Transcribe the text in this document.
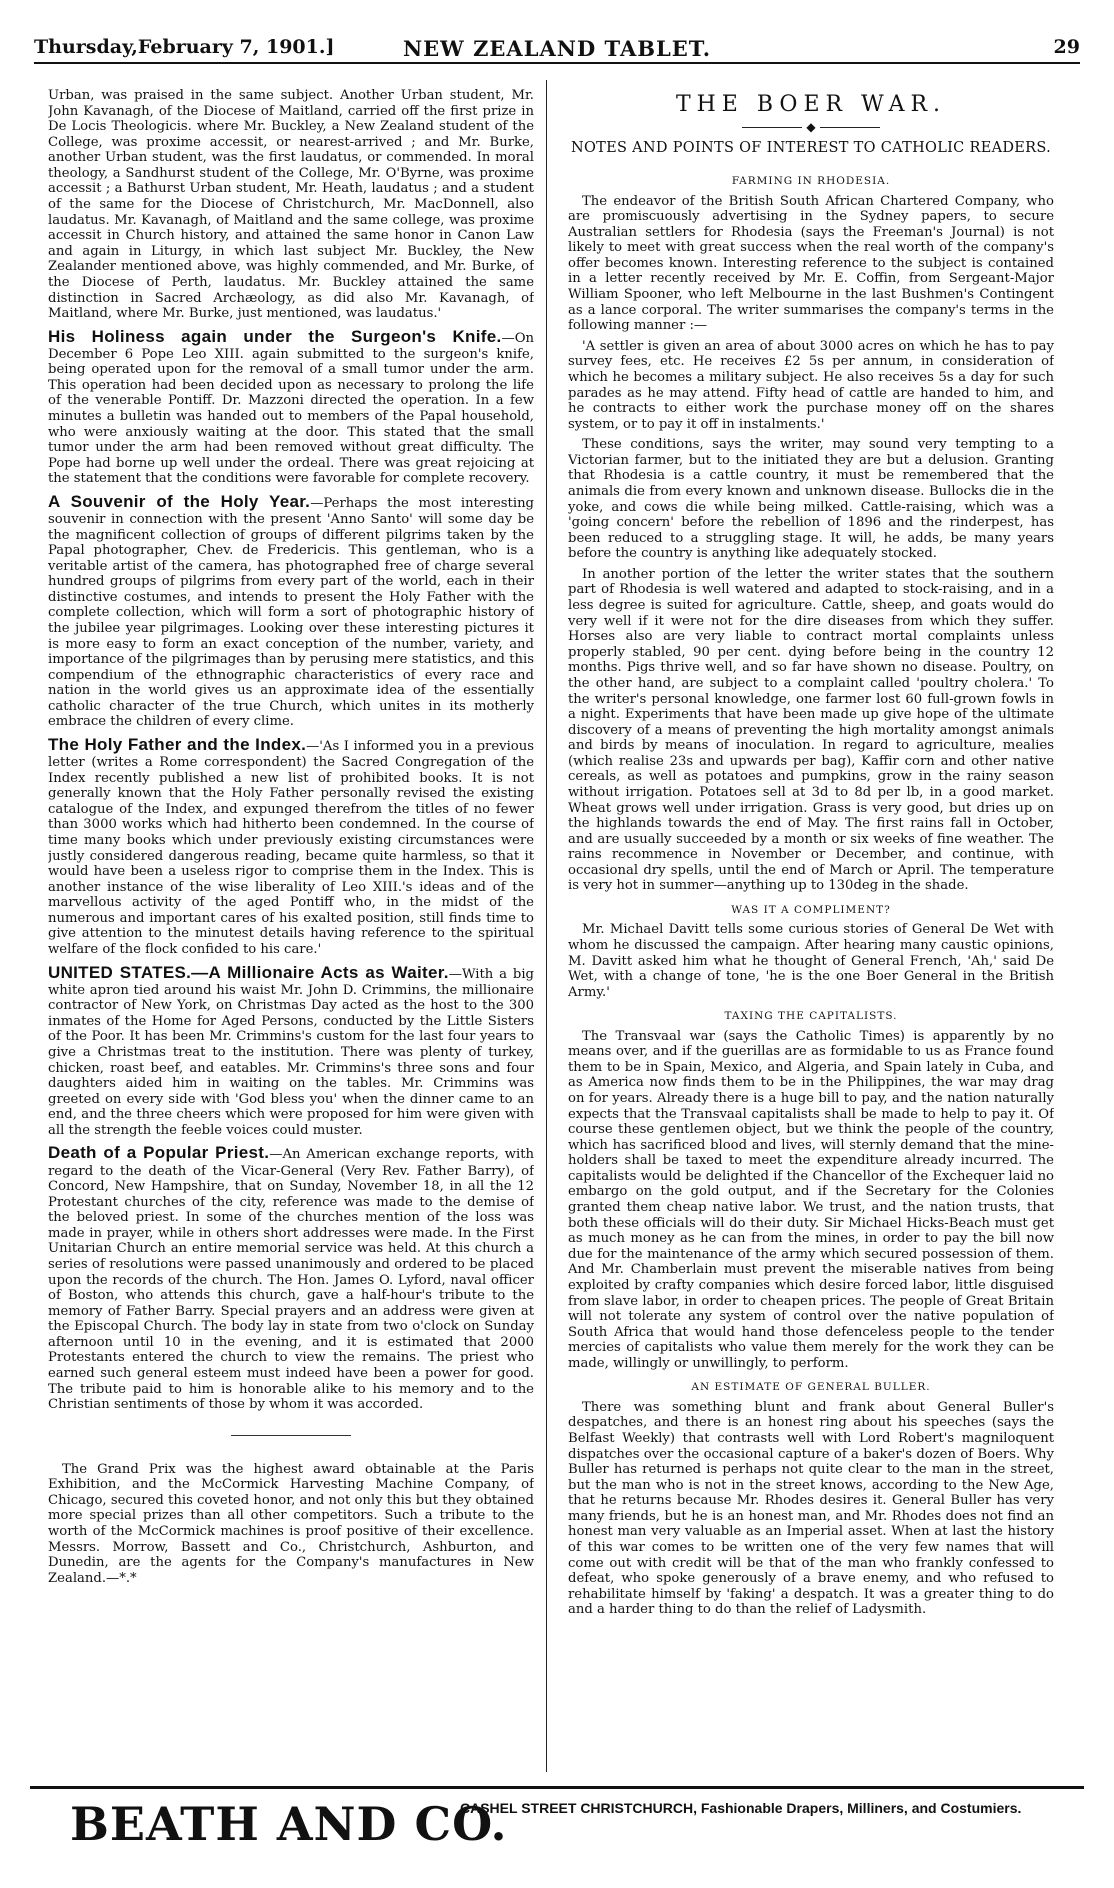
Thursday,February 7, 1901.]	NEW ZEALAND TABLET.	29

Urban, was praised in the same subject. Another Urban student, Mr. John Kavanagh, of the Diocese of Maitland, carried off the first prize in De Locis Theologicis. where Mr. Buckley, a New Zealand student of the College, was proxime accessit, or nearest-arrived ; and Mr. Burke, another Urban student, was the first laudatus, or commended. In moral theology, a Sandhurst student of the College, Mr. O'Byrne, was proxime accessit ; a Bathurst Urban student, Mr. Heath, laudatus ; and a student of the same for the Diocese of Christchurch, Mr. MacDonnell, also laudatus. Mr. Kavanagh, of Maitland and the same college, was proxime accessit in Church history, and attained the same honor in Canon Law and again in Liturgy, in which last subject Mr. Buckley, the New Zealander mentioned above, was highly commended, and Mr. Burke, of the Diocese of Perth, laudatus. Mr. Buckley attained the same distinction in Sacred Archæology, as did also Mr. Kavanagh, of Maitland, where Mr. Burke, just mentioned, was laudatus.'

His Holiness again under the Surgeon's Knife.—On December 6 Pope Leo XIII. again submitted to the surgeon's knife, being operated upon for the removal of a small tumor under the arm. This operation had been decided upon as necessary to prolong the life of the venerable Pontiff. Dr. Mazzoni directed the operation. In a few minutes a bulletin was handed out to members of the Papal household, who were anxiously waiting at the door. This stated that the small tumor under the arm had been removed without great difficulty. The Pope had borne up well under the ordeal. There was great rejoicing at the statement that the conditions were favorable for complete recovery.

A Souvenir of the Holy Year.—Perhaps the most interesting souvenir in connection with the present 'Anno Santo' will some day be the magnificent collection of groups of different pilgrims taken by the Papal photographer, Chev. de Fredericis. This gentleman, who is a veritable artist of the camera, has photographed free of charge several hundred groups of pilgrims from every part of the world, each in their distinctive costumes, and intends to present the Holy Father with the complete collection, which will form a sort of photographic history of the jubilee year pilgrimages. Looking over these interesting pictures it is more easy to form an exact conception of the number, variety, and importance of the pilgrimages than by perusing mere statistics, and this compendium of the ethnographic characteristics of every race and nation in the world gives us an approximate idea of the essentially catholic character of the true Church, which unites in its motherly embrace the children of every clime.

The Holy Father and the Index.—'As I informed you in a previous letter (writes a Rome correspondent) the Sacred Congregation of the Index recently published a new list of prohibited books. It is not generally known that the Holy Father personally revised the existing catalogue of the Index, and expunged therefrom the titles of no fewer than 3000 works which had hitherto been condemned. In the course of time many books which under previously existing circumstances were justly considered dangerous reading, became quite harmless, so that it would have been a useless rigor to comprise them in the Index. This is another instance of the wise liberality of Leo XIII.'s ideas and of the marvellous activity of the aged Pontiff who, in the midst of the numerous and important cares of his exalted position, still finds time to give attention to the minutest details having reference to the spiritual welfare of the flock confided to his care.'

UNITED STATES.—A Millionaire Acts as Waiter.—With a big white apron tied around his waist Mr. John D. Crimmins, the millionaire contractor of New York, on Christmas Day acted as the host to the 300 inmates of the Home for Aged Persons, conducted by the Little Sisters of the Poor. It has been Mr. Crimmins's custom for the last four years to give a Christmas treat to the institution. There was plenty of turkey, chicken, roast beef, and eatables. Mr. Crimmins's three sons and four daughters aided him in waiting on the tables. Mr. Crimmins was greeted on every side with 'God bless you' when the dinner came to an end, and the three cheers which were proposed for him were given with all the strength the feeble voices could muster.

Death of a Popular Priest.—An American exchange reports, with regard to the death of the Vicar-General (Very Rev. Father Barry), of Concord, New Hampshire, that on Sunday, November 18, in all the 12 Protestant churches of the city, reference was made to the demise of the beloved priest. In some of the churches mention of the loss was made in prayer, while in others short addresses were made. In the First Unitarian Church an entire memorial service was held. At this church a series of resolutions were passed unanimously and ordered to be placed upon the records of the church. The Hon. James O. Lyford, naval officer of Boston, who attends this church, gave a half-hour's tribute to the memory of Father Barry. Special prayers and an address were given at the Episcopal Church. The body lay in state from two o'clock on Sunday afternoon until 10 in the evening, and it is estimated that 2000 Protestants entered the church to view the remains. The priest who earned such general esteem must indeed have been a power for good. The tribute paid to him is honorable alike to his memory and to the Christian sentiments of those by whom it was accorded.

The Grand Prix was the highest award obtainable at the Paris Exhibition, and the McCormick Harvesting Machine Company, of Chicago, secured this coveted honor, and not only this but they obtained more special prizes than all other competitors. Such a tribute to the worth of the McCormick machines is proof positive of their excellence. Messrs. Morrow, Bassett and Co., Christchurch, Ashburton, and Dunedin, are the agents for the Company's manufactures in New Zealand.—*.*

THE BOER WAR.
◆
NOTES AND POINTS OF INTEREST TO CATHOLIC READERS.
FARMING IN RHODESIA.

The endeavor of the British South African Chartered Company, who are promiscuously advertising in the Sydney papers, to secure Australian settlers for Rhodesia (says the Freeman's Journal) is not likely to meet with great success when the real worth of the company's offer becomes known. Interesting reference to the subject is contained in a letter recently received by Mr. E. Coffin, from Sergeant-Major William Spooner, who left Melbourne in the last Bushmen's Contingent as a lance corporal. The writer summarises the company's terms in the following manner :—

'A settler is given an area of about 3000 acres on which he has to pay survey fees, etc. He receives £2 5s per annum, in consideration of which he becomes a military subject. He also receives 5s a day for such parades as he may attend. Fifty head of cattle are handed to him, and he contracts to either work the purchase money off on the shares system, or to pay it off in instalments.'

These conditions, says the writer, may sound very tempting to a Victorian farmer, but to the initiated they are but a delusion. Granting that Rhodesia is a cattle country, it must be remembered that the animals die from every known and unknown disease. Bullocks die in the yoke, and cows die while being milked. Cattle-raising, which was a 'going concern' before the rebellion of 1896 and the rinderpest, has been reduced to a struggling stage. It will, he adds, be many years before the country is anything like adequately stocked.

In another portion of the letter the writer states that the southern part of Rhodesia is well watered and adapted to stock-raising, and in a less degree is suited for agriculture. Cattle, sheep, and goats would do very well if it were not for the dire diseases from which they suffer. Horses also are very liable to contract mortal complaints unless properly stabled, 90 per cent. dying before being in the country 12 months. Pigs thrive well, and so far have shown no disease. Poultry, on the other hand, are subject to a complaint called 'poultry cholera.' To the writer's personal knowledge, one farmer lost 60 full-grown fowls in a night. Experiments that have been made up give hope of the ultimate discovery of a means of preventing the high mortality amongst animals and birds by means of inoculation. In regard to agriculture, mealies (which realise 23s and upwards per bag), Kaffir corn and other native cereals, as well as potatoes and pumpkins, grow in the rainy season without irrigation. Potatoes sell at 3d to 8d per lb, in a good market. Wheat grows well under irrigation. Grass is very good, but dries up on the highlands towards the end of May. The first rains fall in October, and are usually succeeded by a month or six weeks of fine weather. The rains recommence in November or December, and continue, with occasional dry spells, until the end of March or April. The temperature is very hot in summer—anything up to 130deg in the shade.

WAS IT A COMPLIMENT?

Mr. Michael Davitt tells some curious stories of General De Wet with whom he discussed the campaign. After hearing many caustic opinions, M. Davitt asked him what he thought of General French, 'Ah,' said De Wet, with a change of tone, 'he is the one Boer General in the British Army.'

TAXING THE CAPITALISTS.

The Transvaal war (says the Catholic Times) is apparently by no means over, and if the guerillas are as formidable to us as France found them to be in Spain, Mexico, and Algeria, and Spain lately in Cuba, and as America now finds them to be in the Philippines, the war may drag on for years. Already there is a huge bill to pay, and the nation naturally expects that the Transvaal capitalists shall be made to help to pay it. Of course these gentlemen object, but we think the people of the country, which has sacrificed blood and lives, will sternly demand that the mine-holders shall be taxed to meet the expenditure already incurred. The capitalists would be delighted if the Chancellor of the Exchequer laid no embargo on the gold output, and if the Secretary for the Colonies granted them cheap native labor. We trust, and the nation trusts, that both these officials will do their duty. Sir Michael Hicks-Beach must get as much money as he can from the mines, in order to pay the bill now due for the maintenance of the army which secured possession of them. And Mr. Chamberlain must prevent the miserable natives from being exploited by crafty companies which desire forced labor, little disguised from slave labor, in order to cheapen prices. The people of Great Britain will not tolerate any system of control over the native population of South Africa that would hand those defenceless people to the tender mercies of capitalists who value them merely for the work they can be made, willingly or unwillingly, to perform.

AN ESTIMATE OF GENERAL BULLER.

There was something blunt and frank about General Buller's despatches, and there is an honest ring about his speeches (says the Belfast Weekly) that contrasts well with Lord Robert's magniloquent dispatches over the occasional capture of a baker's dozen of Boers. Why Buller has returned is perhaps not quite clear to the man in the street, but the man who is not in the street knows, according to the New Age, that he returns because Mr. Rhodes desires it. General Buller has very many friends, but he is an honest man, and Mr. Rhodes does not find an honest man very valuable as an Imperial asset. When at last the history of this war comes to be written one of the very few names that will come out with credit will be that of the man who frankly confessed to defeat, who spoke generously of a brave enemy, and who refused to rehabilitate himself by 'faking' a despatch. It was a greater thing to do and a harder thing to do than the relief of Ladysmith.

BEATH AND CO.
CASHEL STREET CHRISTCHURCH, Fashionable Drapers, Milliners, and Costumiers.
